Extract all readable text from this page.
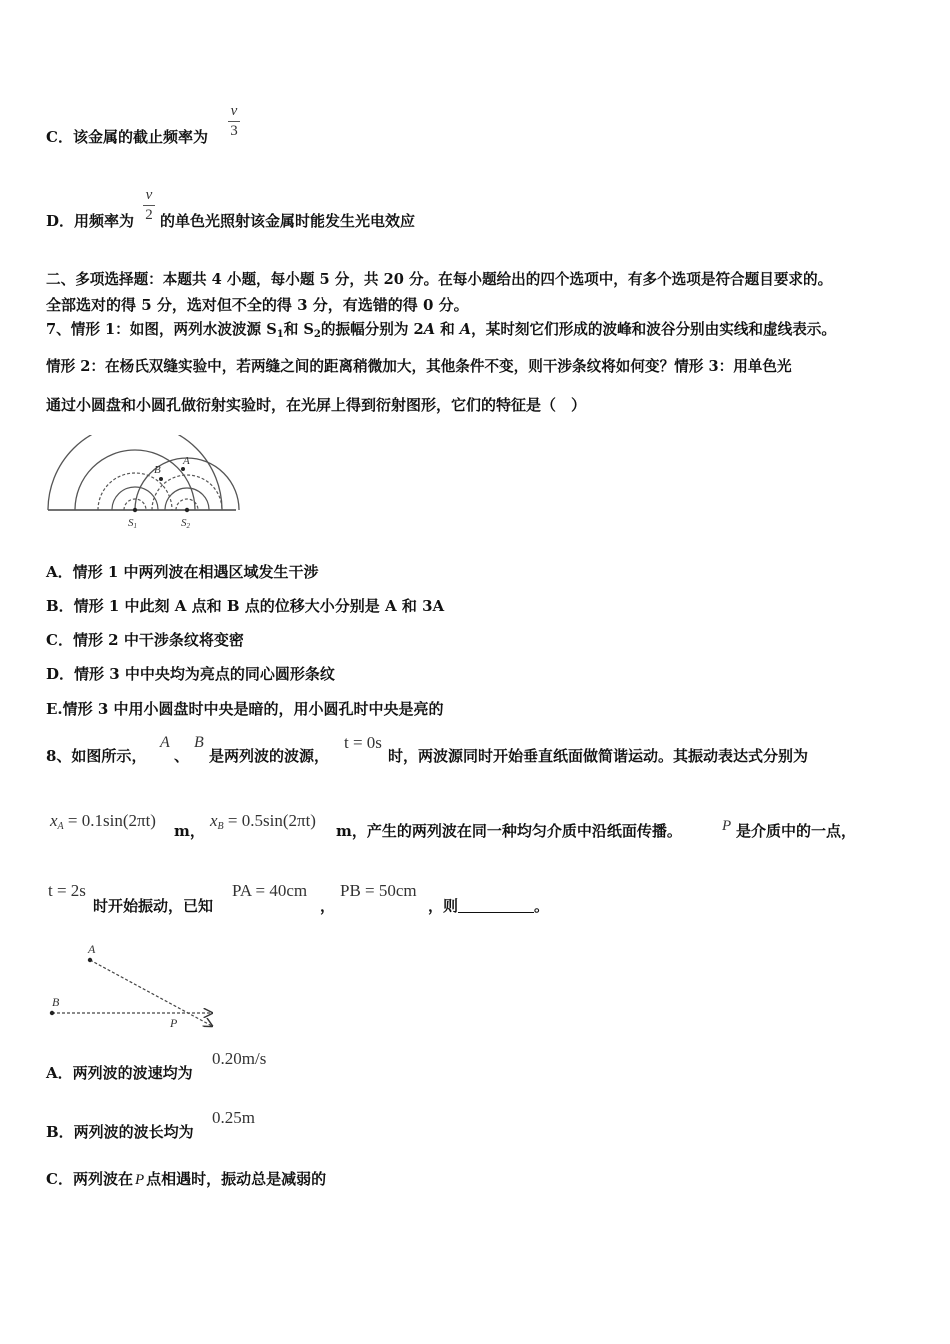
C．该金属的截止频率为
v
3
D．用频率为
v
2 的单色光照射该金属时能发生光电效应
二、多项选择题：本题共 4 小题，每小题 5 分，共 20 分。在每小题给出的四个选项中，有多个选项是符合题目要求的。
全部选对的得 5 分，选对但不全的得 3 分，有选错的得 0 分。
7、情形 1：如图，两列水波波源 $S_1$和 $S_2$的振幅分别为 2A 和 A，某时刻它们形成的波峰和波谷分别由实线和虚线表示。
情形 2：在杨氏双缝实验中，若两缝之间的距离稍微加大，其他条件不变，则干涉条纹将如何变？情形 3：用单色光
通过小圆盘和小圆孔做衍射实验时，在光屏上得到衍射图形，它们的特征是（　）
B
A
S1	S2
A．情形 1 中两列波在相遇区域发生干涉
B．情形 1 中此刻 A 点和 B 点的位移大小分别是 A 和 3A
C．情形 2 中干涉条纹将变密
D．情形 3 中中央均为亮点的同心圆形条纹
E.情形 3 中用小圆盘时中央是暗的，用小圆孔时中央是亮的
8、如图所示，
A
、
B
是两列波的波源，
t = 0s
时，两波源同时开始垂直纸面做简谐运动。其振动表达式分别为
$x_A = 0.1\sin(2\pi t)$
m，
$x_B = 0.5\sin(2\pi t)$
m，产生的两列波在同一种均匀介质中沿纸面传播。	P 是介质中的一点，
t = 2s
时开始振动，已知
PA = 40cm
，
PB = 50cm
，则	。
A
B
P
A．两列波的波速均为
0.20m/s
B．两列波的波长均为
0.25m
C．两列波在 P 点相遇时，振动总是减弱的
